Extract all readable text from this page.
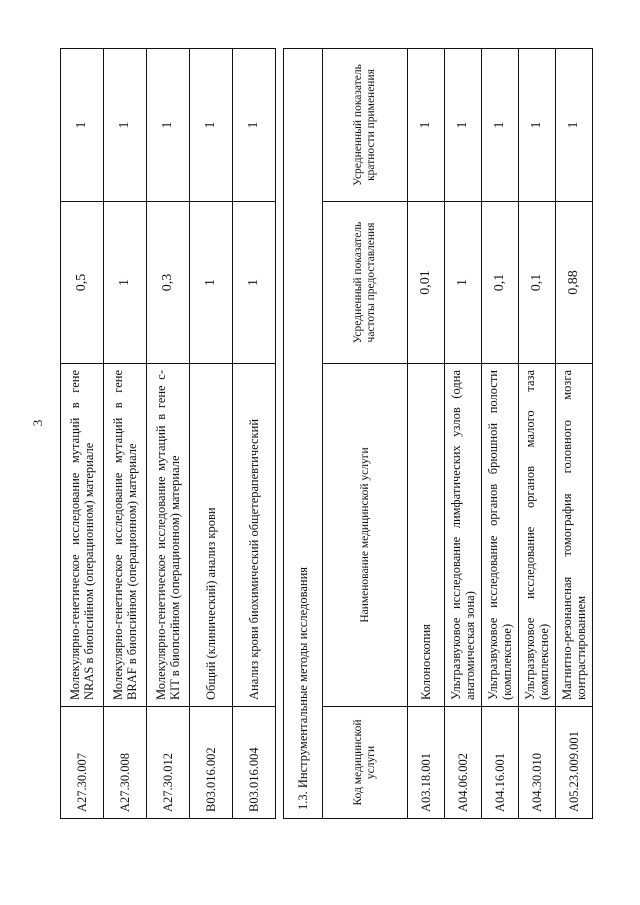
3
A27.30.007	Молекулярно-генетическое исследование мутаций в гене NRAS в биопсийном (операционном) материале	0,5	1
A27.30.008	Молекулярно-генетическое исследование мутаций в гене BRAF в биопсийном (операционном) материале	1	1
A27.30.012	Молекулярно-генетическое исследование мутаций в гене c-KIT в биопсийном (операционном) материале	0,3	1
B03.016.002	Общий (клинический) анализ крови	1	1
B03.016.004	Анализ крови биохимический общетерапевтический	1	1
1.3. Инструментальные методы исследования			
Код медицинской услуги	Наименование медицинской услуги	Усредненный показатель частоты предоставления	Усредненный показатель кратности применения
A03.18.001	Колоноскопия	0,01	1
A04.06.002	Ультразвуковое исследование лимфатических узлов (одна анатомическая зона)	1	1
A04.16.001	Ультразвуковое исследование органов брюшной полости (комплексное)	0,1	1
A04.30.010	Ультразвуковое исследование органов малого таза (комплексное)	0,1	1
A05.23.009.001	Магнитно-резонансная томография головного мозга контрастированием	0,88	1
